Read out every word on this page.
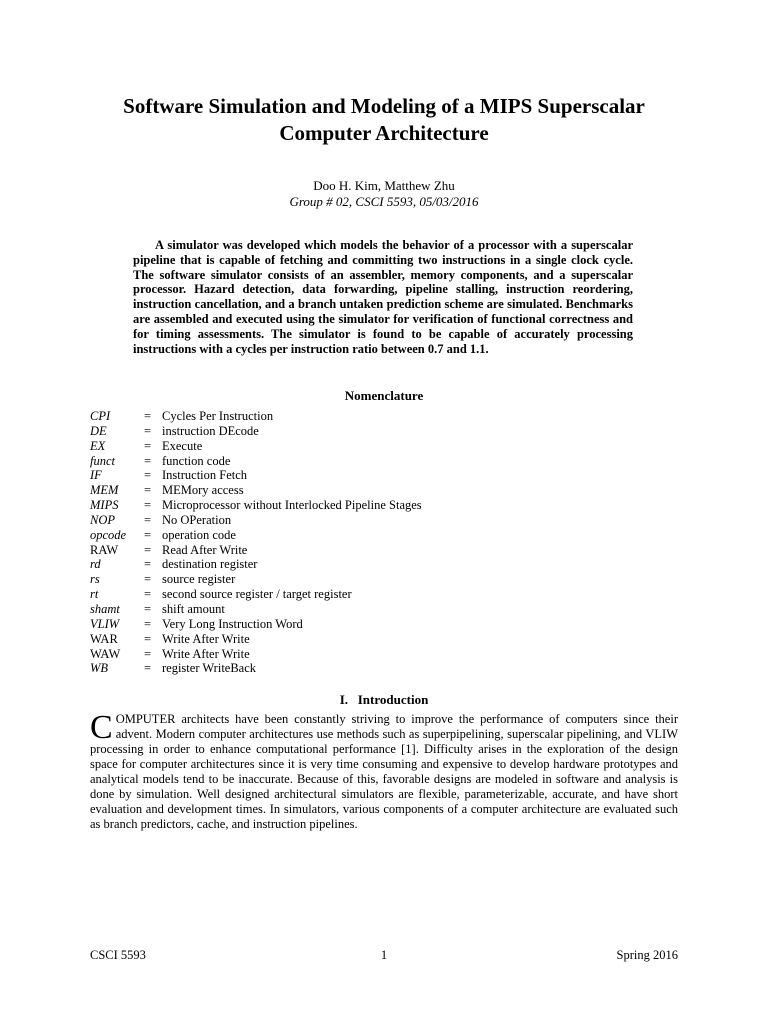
Software Simulation and Modeling of a MIPS Superscalar
Computer Architecture
Doo H. Kim, Matthew Zhu
Group # 02, CSCI 5593, 05/03/2016
A simulator was developed which models the behavior of a processor with a superscalar pipeline that is capable of fetching and committing two instructions in a single clock cycle. The software simulator consists of an assembler, memory components, and a superscalar processor. Hazard detection, data forwarding, pipeline stalling, instruction reordering, instruction cancellation, and a branch untaken prediction scheme are simulated. Benchmarks are assembled and executed using the simulator for verification of functional correctness and for timing assessments. The simulator is found to be capable of accurately processing instructions with a cycles per instruction ratio between 0.7 and 1.1.
Nomenclature
CPI	= Cycles Per Instruction
DE	= instruction DEcode
EX	= Execute
funct = function code
IF	= Instruction Fetch
MEM = MEMory access
MIPS = Microprocessor without Interlocked Pipeline Stages
NOP = No OPeration
opcode = operation code
RAW = Read After Write
rd	= destination register
rs	= source register
rt	= second source register / target register
shamt = shift amount
VLIW = Very Long Instruction Word
WAR = Write After Write
WAW = Write After Write
WB	= register WriteBack
I.   Introduction
COMPUTER architects have been constantly striving to improve the performance of computers since their advent. Modern computer architectures use methods such as superpipelining, superscalar pipelining, and VLIW processing in order to enhance computational performance [1]. Difficulty arises in the exploration of the design space for computer architectures since it is very time consuming and expensive to develop hardware prototypes and analytical models tend to be inaccurate. Because of this, favorable designs are modeled in software and analysis is done by simulation. Well designed architectural simulators are flexible, parameterizable, accurate, and have short evaluation and development times. In simulators, various components of a computer architecture are evaluated such as branch predictors, cache, and instruction pipelines.
CSCI 5593	1	Spring 2016
